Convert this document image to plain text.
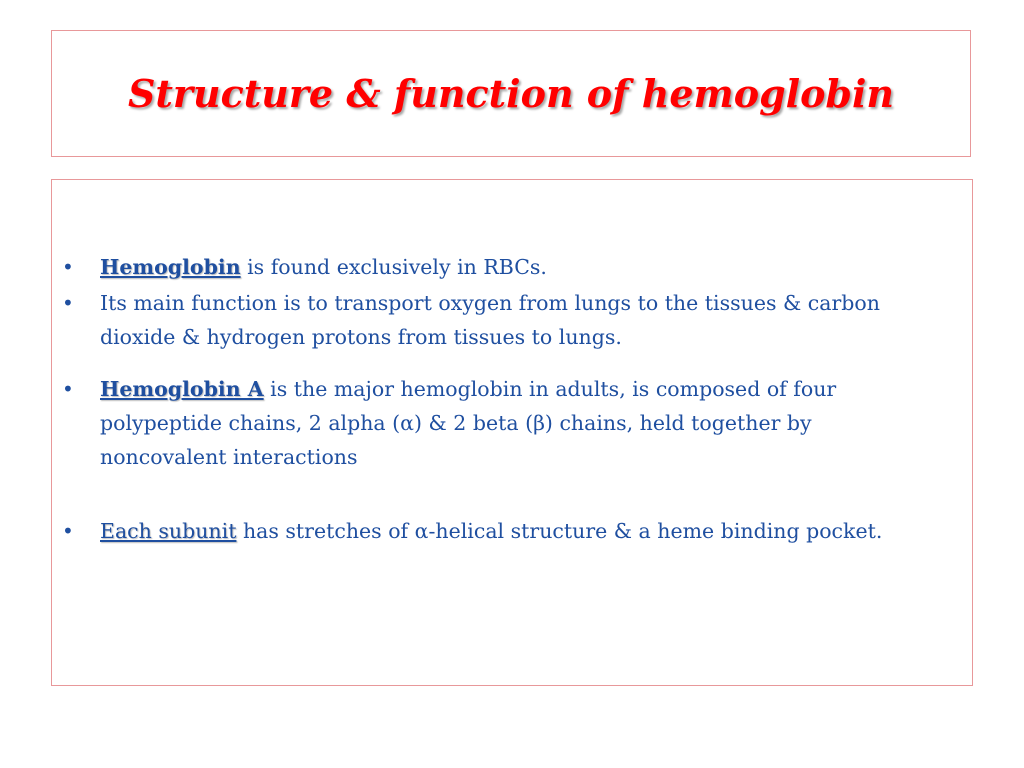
Structure & function of hemoglobin
• Hemoglobin is found exclusively in RBCs.
• Its main function is to transport oxygen from lungs to the tissues & carbon dioxide & hydrogen protons from tissues to lungs.
• Hemoglobin A is the major hemoglobin in adults, is composed of four polypeptide chains, 2 alpha (α) & 2 beta (β) chains, held together by noncovalent interactions
• Each subunit has stretches of α-helical structure & a heme binding pocket.
